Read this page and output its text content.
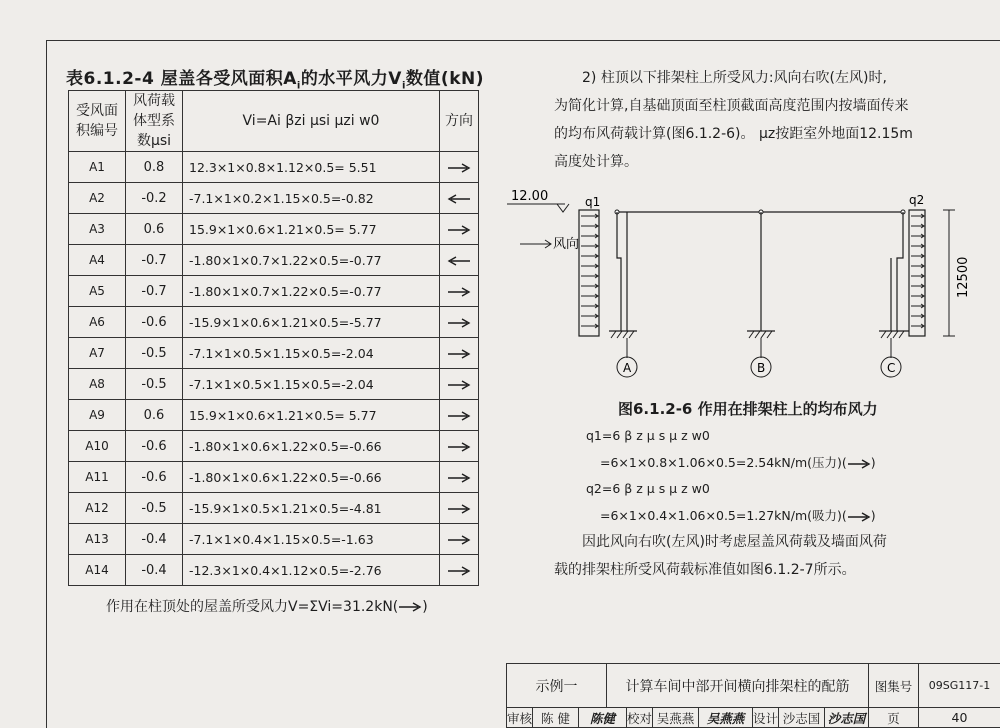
表6.1.2-4 屋盖各受风面积$A_i$的水平风力$V_i$数值(kN)
受风面积编号	风荷载体型系数μsi	Vi=Ai βzi μsi μzi w0	方向
A1	0.8	12.3×1×0.8×1.12×0.5= 5.51	
A2	-0.2	-7.1×1×0.2×1.15×0.5=-0.82	
A3	0.6	15.9×1×0.6×1.21×0.5= 5.77	
A4	-0.7	-1.80×1×0.7×1.22×0.5=-0.77	
A5	-0.7	-1.80×1×0.7×1.22×0.5=-0.77	
A6	-0.6	-15.9×1×0.6×1.21×0.5=-5.77	
A7	-0.5	-7.1×1×0.5×1.15×0.5=-2.04	
A8	-0.5	-7.1×1×0.5×1.15×0.5=-2.04	
A9	0.6	15.9×1×0.6×1.21×0.5= 5.77	
A10	-0.6	-1.80×1×0.6×1.22×0.5=-0.66	
A11	-0.6	-1.80×1×0.6×1.22×0.5=-0.66	
A12	-0.5	-15.9×1×0.5×1.21×0.5=-4.81	
A13	-0.4	-7.1×1×0.4×1.15×0.5=-1.63	
A14	-0.4	-12.3×1×0.4×1.12×0.5=-2.76	
作用在柱顶处的屋盖所受风力V=ΣVi=31.2kN( )
2) 柱顶以下排架柱上所受风力:风向右吹(左风)时,
为简化计算,自基础顶面至柱顶截面高度范围内按墙面传来
的均布风荷载计算(图6.1.2-6)。 μz按距室外地面12.15m
高度处计算。
12.00	q1	q2
风向
12500
A	B	C
图6.1.2-6 作用在排架柱上的均布风力
q1=6 β z μ s μ z w0
=6×1×0.8×1.06×0.5=2.54kN/m(压力)( )
q2=6 β z μ s μ z w0
=6×1×0.4×1.06×0.5=1.27kN/m(吸力)( )
因此风向右吹(左风)时考虑屋盖风荷载及墙面风荷
载的排架柱所受风荷载标准值如图6.1.2-7所示。
示例一	计算车间中部开间横向排架柱的配筋	图集号	09SG117-1
审核 陈 健	陈健 校对 吴燕燕 吴燕燕 设计 沙志国 沙志国	页	40
